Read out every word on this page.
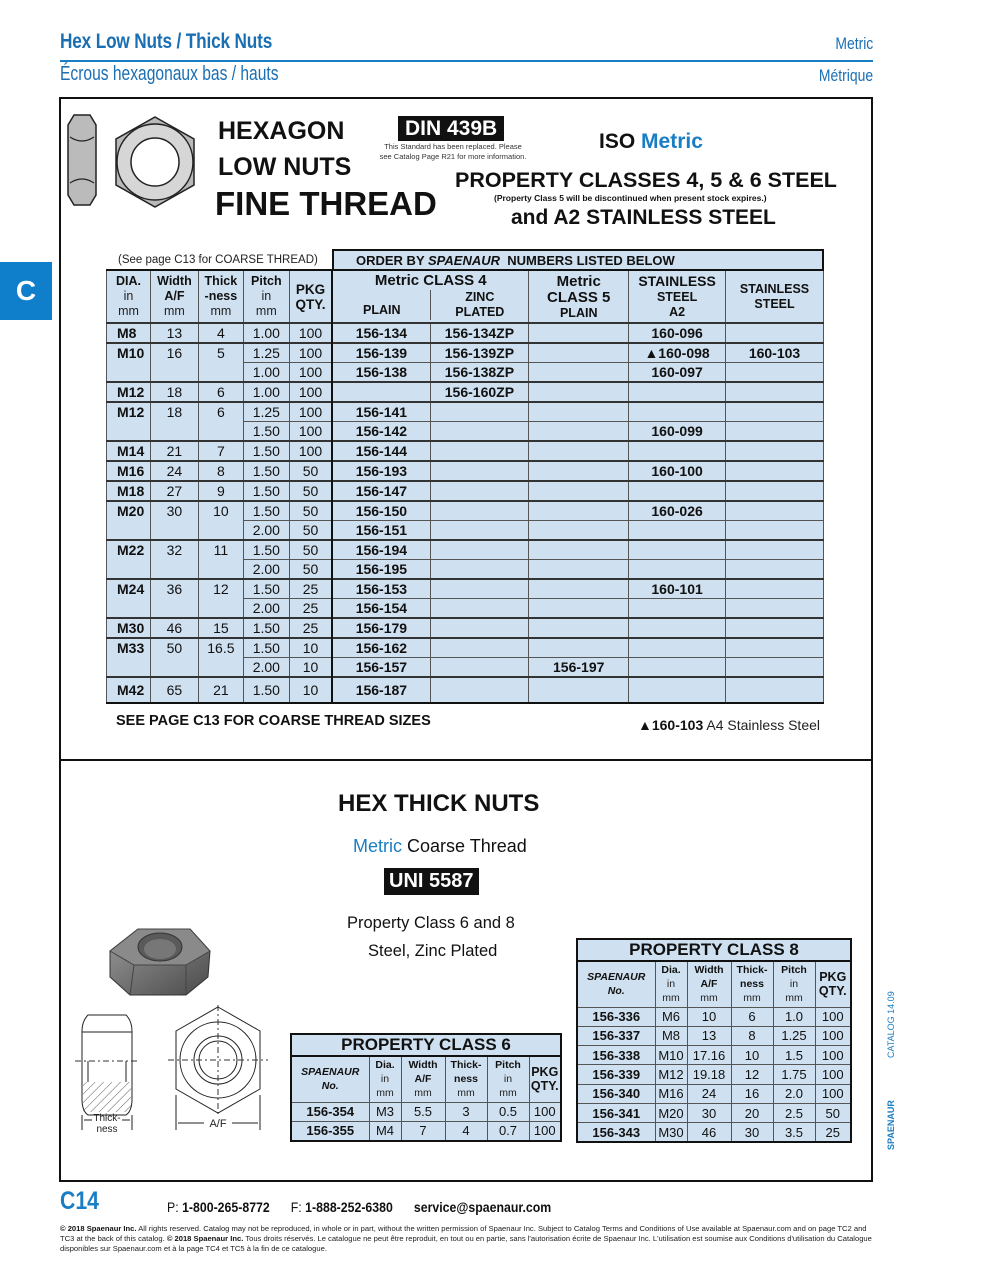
Hex Low Nuts / Thick Nuts	Metric
Écrous hexagonaux bas / hauts	Métrique
C
HEXAGON
LOW NUTS
FINE THREAD
DIN 439B
This Standard has been replaced. Please see Catalog Page R21 for more information.
ISO Metric
PROPERTY CLASSES 4, 5 & 6 STEEL
(Property Class 5 will be discontinued when present stock expires.)
and A2 STAINLESS STEEL
(See page C13 for COARSE THREAD)	ORDER BY SPAENAUR NUMBERS LISTED BELOW
DIA.
in
mm	Width
A/F
mm	Thick
-ness
mm	Pitch
in
mm	PKG
QTY.	
Metric CLASS 4
PLAIN
ZINC
PLATED
	Metric
CLASS 5
PLAIN	STAINLESS
STEEL
A2	STAINLESS
STEEL
M8	13	4	1.00	100	156-134	156-134ZP		160-096	
M10	16	5	1.25	100	156-139	156-139ZP		▲160-098	160-103
			1.00	100	156-138	156-138ZP		160-097	
M12	18	6	1.00	100		156-160ZP			
M12	18	6	1.25	100	156-141				
			1.50	100	156-142			160-099	
M14	21	7	1.50	100	156-144				
M16	24	8	1.50	50	156-193			160-100	
M18	27	9	1.50	50	156-147				
M20	30	10	1.50	50	156-150			160-026	
			2.00	50	156-151				
M22	32	11	1.50	50	156-194				
			2.00	50	156-195				
M24	36	12	1.50	25	156-153			160-101	
			2.00	25	156-154				
M30	46	15	1.50	25	156-179				
M33	50	16.5	1.50	10	156-162				
			2.00	10	156-157		156-197		
M42	65	21	1.50	10	156-187				
SEE PAGE C13 FOR COARSE THREAD SIZES	▲160-103 A4 Stainless Steel
HEX THICK NUTS
Metric Coarse Thread
UNI 5587
Property Class 6 and 8
Steel, Zinc Plated
Thick-
ness	A/F
PROPERTY CLASS 6					
SPAENAUR
No.	Dia.
in
mm	Width
A/F
mm	Thick-
ness
mm	Pitch
in
mm	PKG
QTY.
156-354	M3	5.5	3	0.5	100
156-355	M4	7	4	0.7	100
PROPERTY CLASS 8					
SPAENAUR
No.	Dia.
in
mm	Width
A/F
mm	Thick-
ness
mm	Pitch
in
mm	PKG
QTY.
156-336	M6	10	6	1.0	100
156-337	M8	13	8	1.25	100
156-338	M10	17.16	10	1.5	100
156-339	M12	19.18	12	1.75	100
156-340	M16	24	16	2.0	100
156-341	M20	30	20	2.5	50
156-343	M30	46	30	3.5	25
CATALOG 14.09
SPAENAUR
C14	P: 1-800-265-8772 F: 1-888-252-6380 service@spaenaur.com
© 2018 Spaenaur Inc. All rights reserved. Catalog may not be reproduced, in whole or in part, without the written permission of Spaenaur Inc. Subject to Catalog Terms and Conditions of Use available at Spaenaur.com and on page TC2 and TC3 at the back of this catalog. © 2018 Spaenaur Inc. Tous droits réservés. Le catalogue ne peut être reproduit, en tout ou en partie, sans l'autorisation écrite de Spaenaur Inc. L'utilisation est soumise aux Conditions d'utilisation du Catalogue disponibles sur Spaenaur.com et à la page TC4 et TC5 à la fin de ce catalogue.
